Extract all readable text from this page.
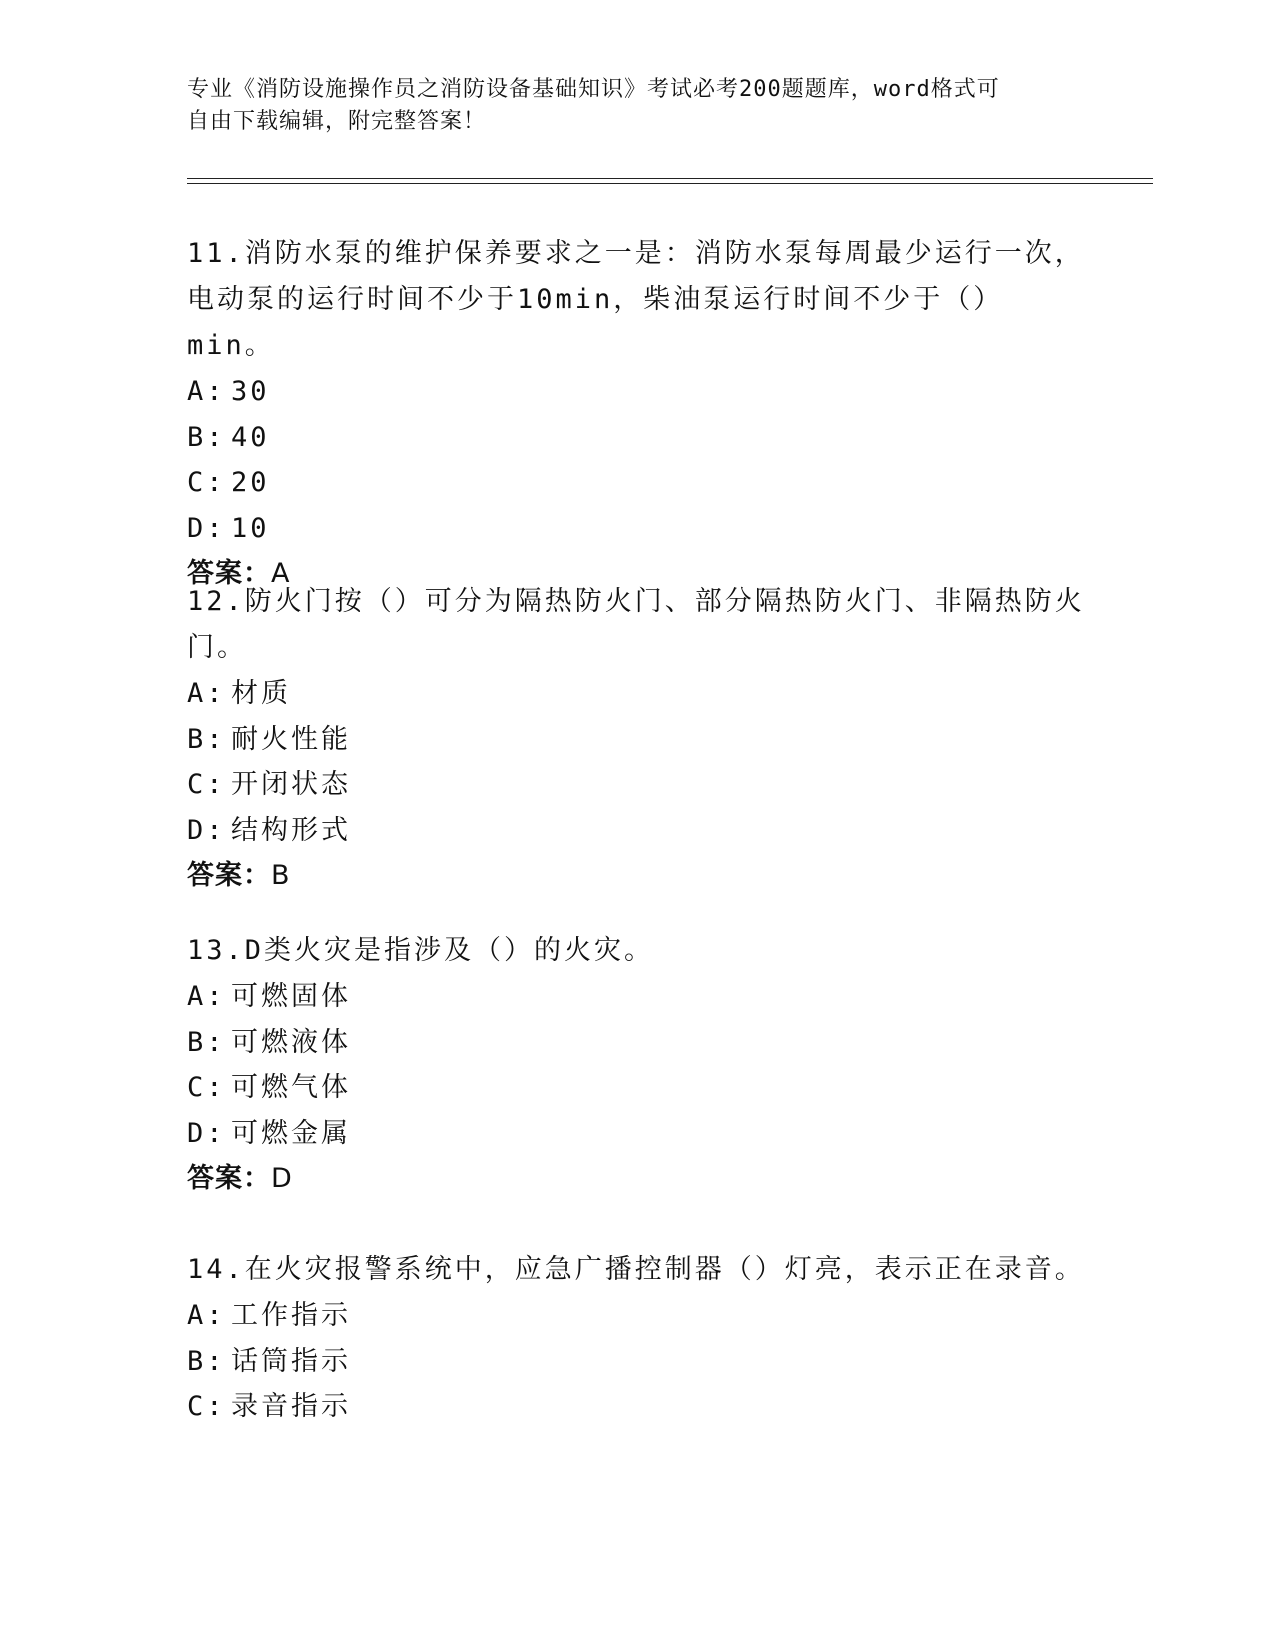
专业《消防设施操作员之消防设备基础知识》考试必考200题题库，word格式可
自由下载编辑，附完整答案！
11.消防水泵的维护保养要求之一是：消防水泵每周最少运行一次，电动泵的运行时间不少于10min，柴油泵运行时间不少于（）min。
A: 30
B: 40
C: 20
D: 10
答案： A
12.防火门按（）可分为隔热防火门、部分隔热防火门、非隔热防火门。
A: 材质
B: 耐火性能
C: 开闭状态
D: 结构形式
答案： B
13.D类火灾是指涉及（）的火灾。
A: 可燃固体
B: 可燃液体
C: 可燃气体
D: 可燃金属
答案： D
14.在火灾报警系统中，应急广播控制器（）灯亮，表示正在录音。
A: 工作指示
B: 话筒指示
C: 录音指示
